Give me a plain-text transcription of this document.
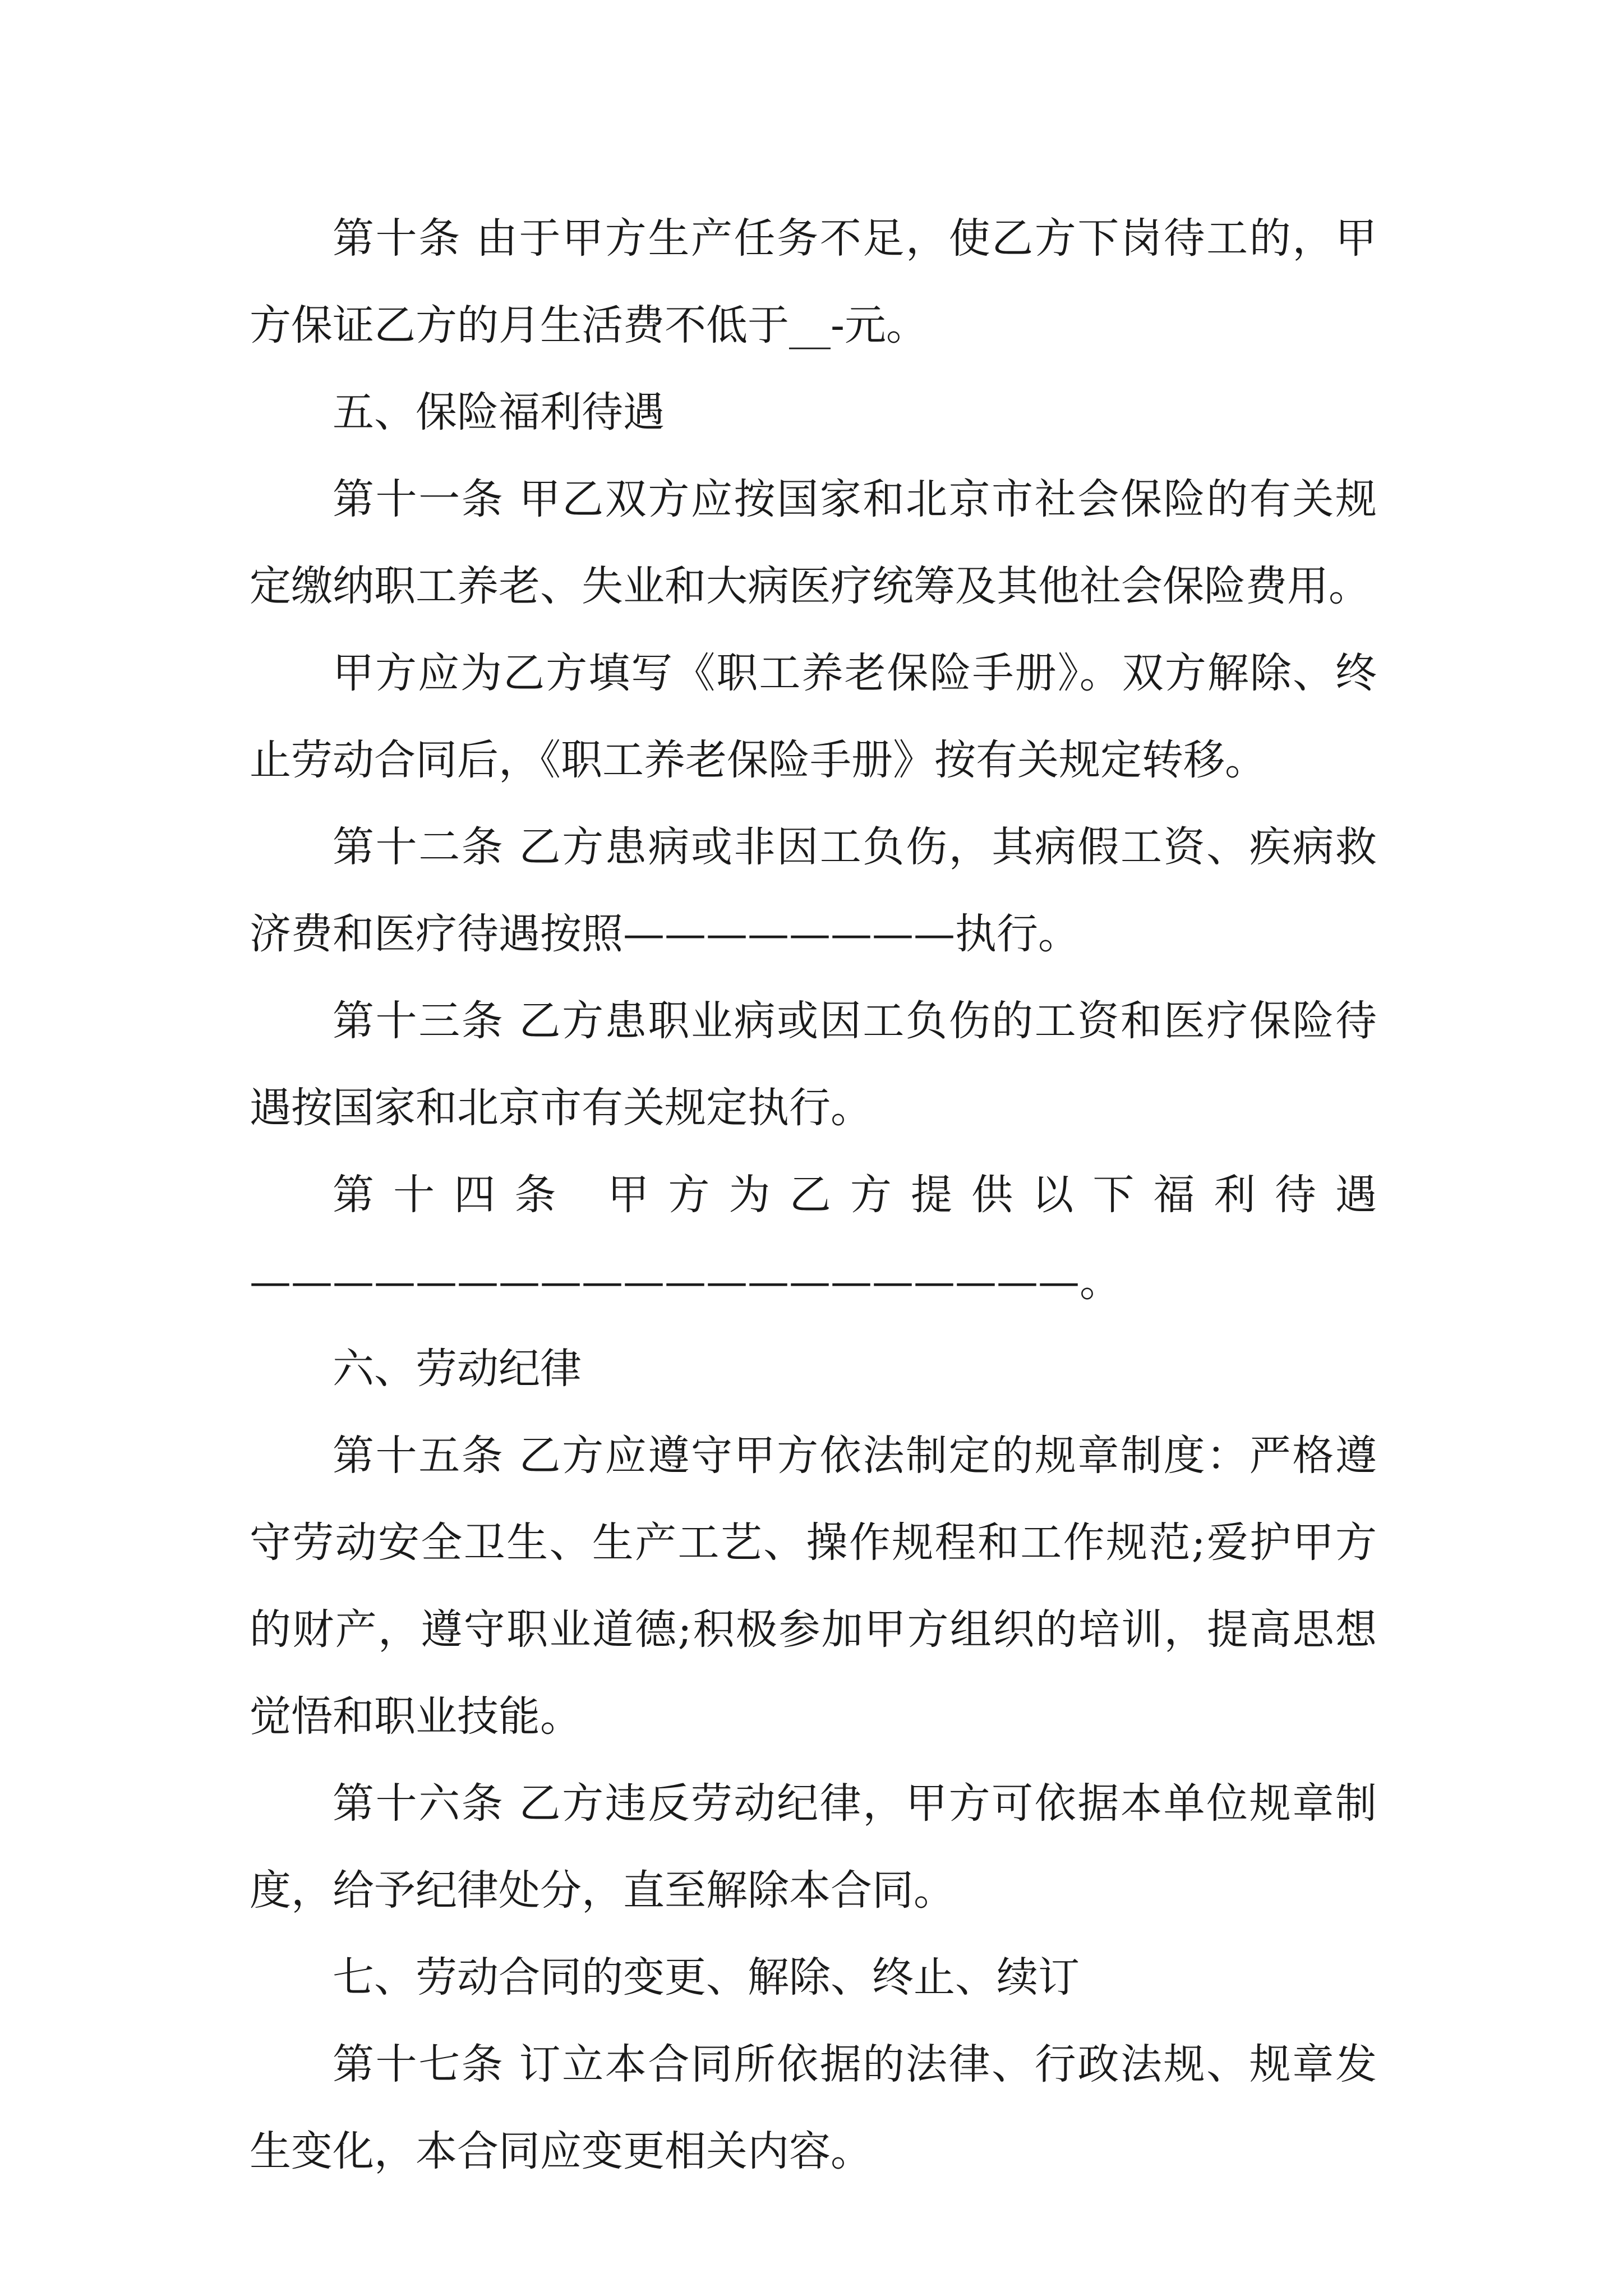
第十条 由于甲方生产任务不足，使乙方下岗待工的，甲方保证乙方的月生活费不低于__-元。

五、保险福利待遇

第十一条 甲乙双方应按国家和北京市社会保险的有关规定缴纳职工养老、失业和大病医疗统筹及其他社会保险费用。

甲方应为乙方填写《职工养老保险手册》。双方解除、终止劳动合同后，《职工养老保险手册》按有关规定转移。

第十二条 乙方患病或非因工负伤，其病假工资、疾病救济费和医疗待遇按照————————执行。

第十三条 乙方患职业病或因工负伤的工资和医疗保险待遇按国家和北京市有关规定执行。

第十四条 甲方为乙方提供以下福利待遇————————————————————。

六、劳动纪律

第十五条 乙方应遵守甲方依法制定的规章制度：严格遵守劳动安全卫生、生产工艺、操作规程和工作规范;爱护甲方的财产，遵守职业道德;积极参加甲方组织的培训，提高思想觉悟和职业技能。

第十六条 乙方违反劳动纪律，甲方可依据本单位规章制度，给予纪律处分，直至解除本合同。

七、劳动合同的变更、解除、终止、续订

第十七条 订立本合同所依据的法律、行政法规、规章发生变化，本合同应变更相关内容。
